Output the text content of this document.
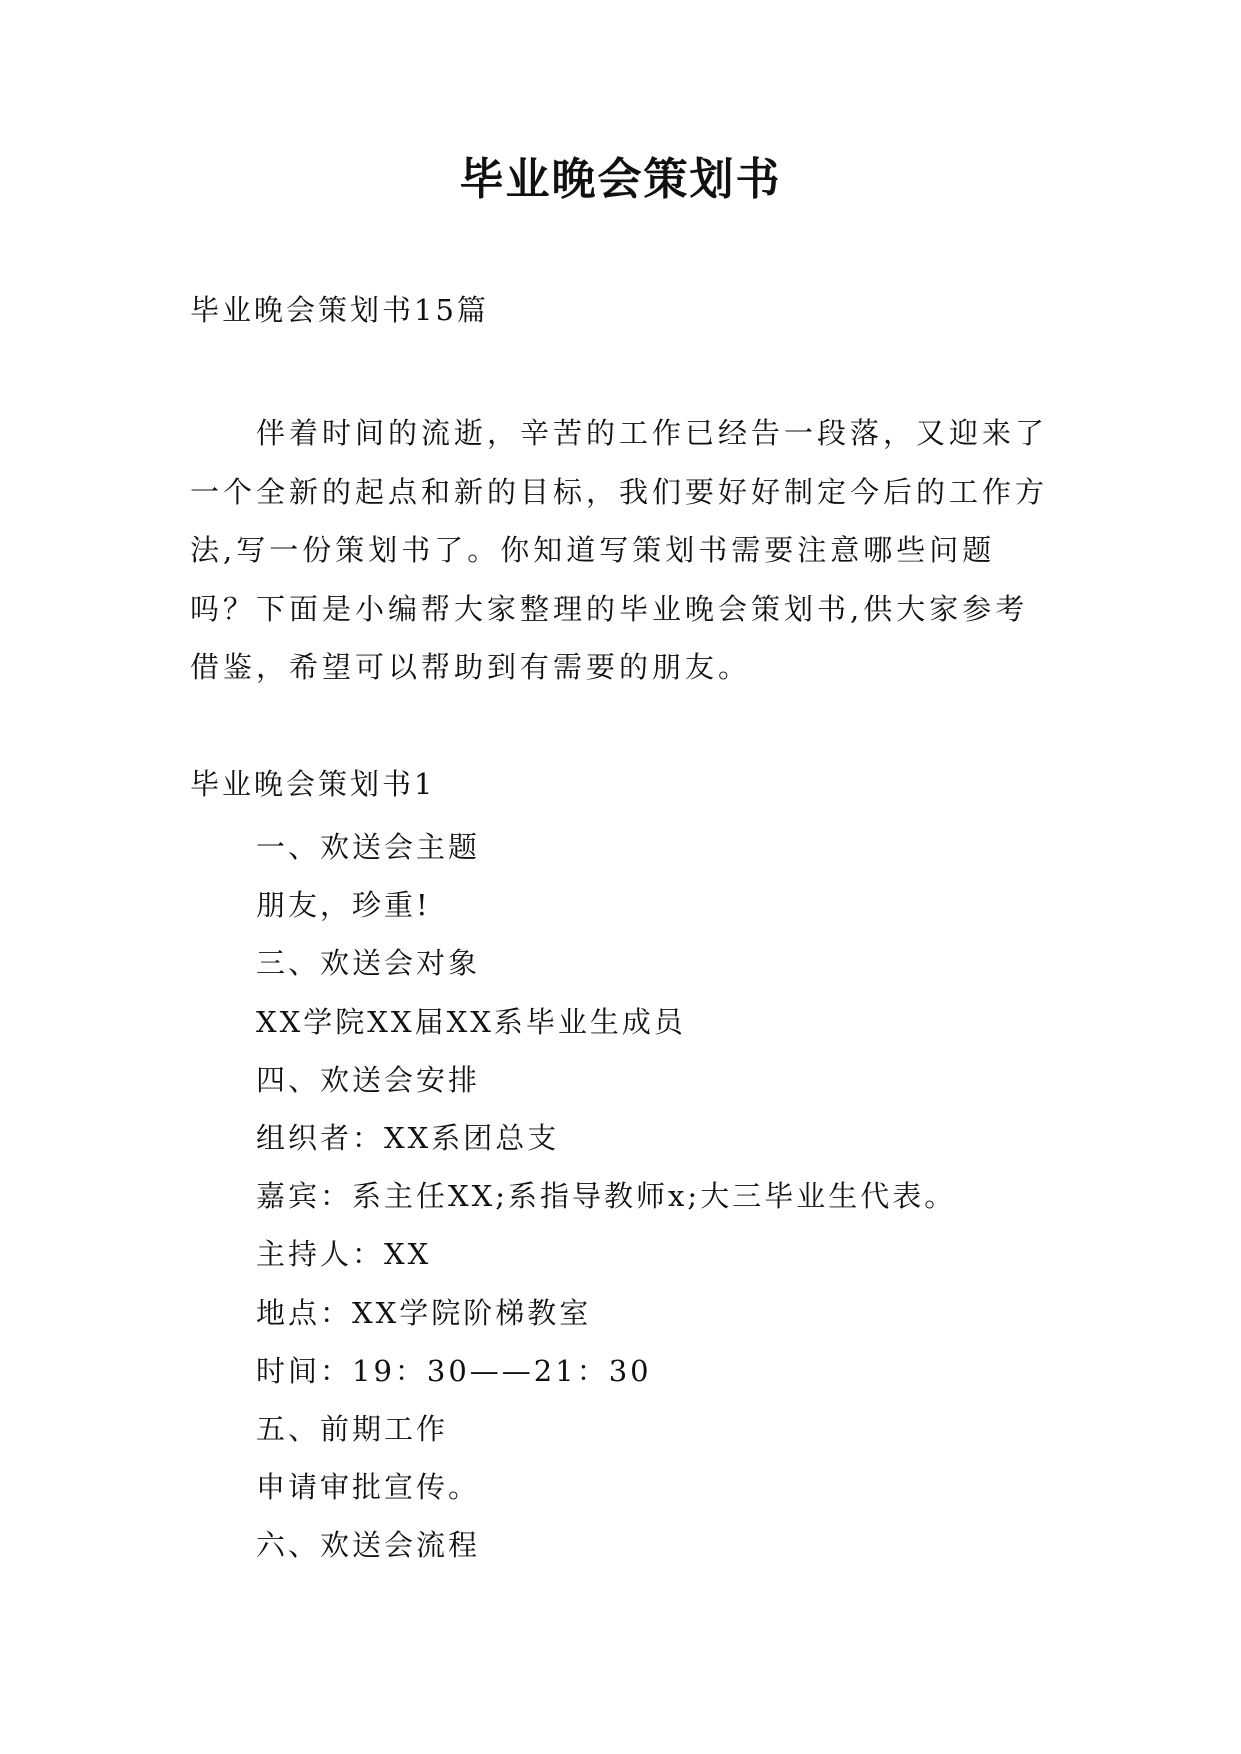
毕业晚会策划书
毕业晚会策划书15篇

伴着时间的流逝，辛苦的工作已经告一段落，又迎来了一个全新的起点和新的目标，我们要好好制定今后的工作方法,写一份策划书了。你知道写策划书需要注意哪些问题吗？下面是小编帮大家整理的毕业晚会策划书,供大家参考借鉴，希望可以帮助到有需要的朋友。

毕业晚会策划书1
一、欢送会主题
朋友，珍重!
三、欢送会对象
XX学院XX届XX系毕业生成员
四、欢送会安排
组织者：XX系团总支
嘉宾：系主任XX;系指导教师x;大三毕业生代表。
主持人：XX
地点：XX学院阶梯教室
时间：19：30——21：30
五、前期工作
申请审批宣传。
六、欢送会流程
